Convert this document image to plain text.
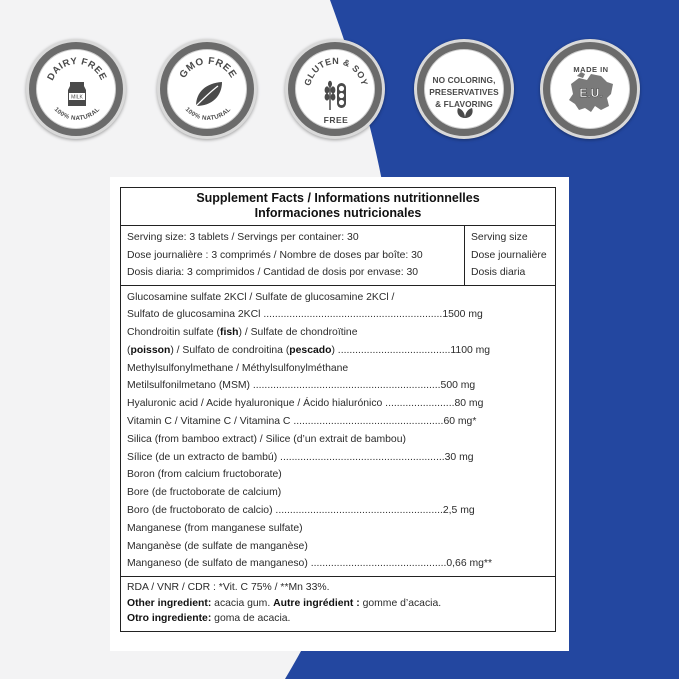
DAIRY FREE
100% NATURAL
MILK
GMO FREE
100% NATURAL
GLUTEN & SOY
FREE
NO COLORING,
PRESERVATIVES
& FLAVORING
MADE IN
E.U.
Supplement Facts / Informations nutritionnelles
Informaciones nutricionales
Serving size: 3 tablets / Servings per container: 30
Dose journalière : 3 comprimés / Nombre de doses par boîte: 30
Dosis diaria: 3 comprimidos / Cantidad de dosis por envase: 30
Serving size
Dose journalière
Dosis diaria
Glucosamine sulfate 2KCl / Sulfate de glucosamine 2KCl /
Sulfato de glucosamina 2KCl ..............................................................1500 mg
Chondroitin sulfate (fish) / Sulfate de chondroïtine
(poisson) / Sulfato de condroitina (pescado) .......................................1100 mg
Methylsulfonylmethane / Méthylsulfonylméthane
Metilsulfonilmetano (MSM) .................................................................500 mg
Hyaluronic acid / Acide hyaluronique / Ácido hialurónico ........................80 mg
Vitamin C / Vitamine C / Vitamina C ....................................................60 mg*
Silica (from bamboo extract) / Silice (d’un extrait de bambou)
Sílice (de un extracto de bambú) .........................................................30 mg
Boron (from calcium fructoborate)
Bore (de fructoborate de calcium)
Boro (de fructoborato de calcio) ..........................................................2,5 mg
Manganese (from manganese sulfate)
Manganèse (de sulfate de manganèse)
Manganeso (de sulfato de manganeso) ...............................................0,66 mg**
RDA / VNR / CDR : *Vit. C 75% / **Mn 33%.
Other ingredient: acacia gum. Autre ingrédient : gomme d’acacia.
Otro ingrediente: goma de acacia.
